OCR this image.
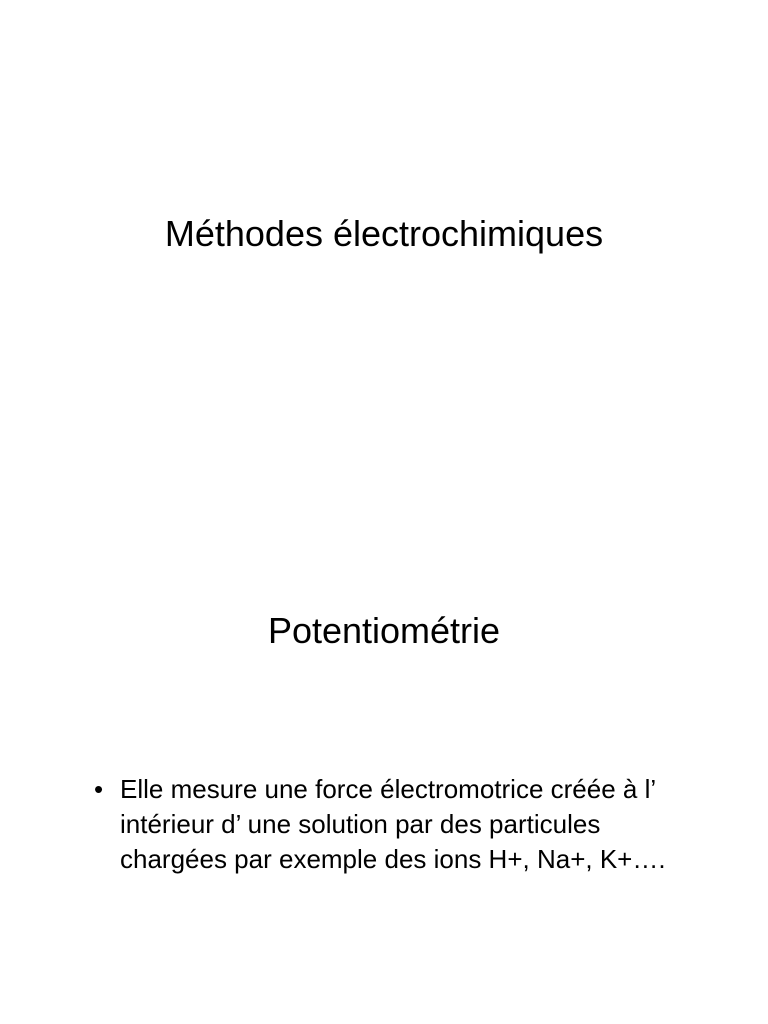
Méthodes électrochimiques
Potentiométrie
• Elle mesure une force électromotrice créée à l’ intérieur d’ une solution par des particules chargées par exemple des ions H+, Na+, K+….
